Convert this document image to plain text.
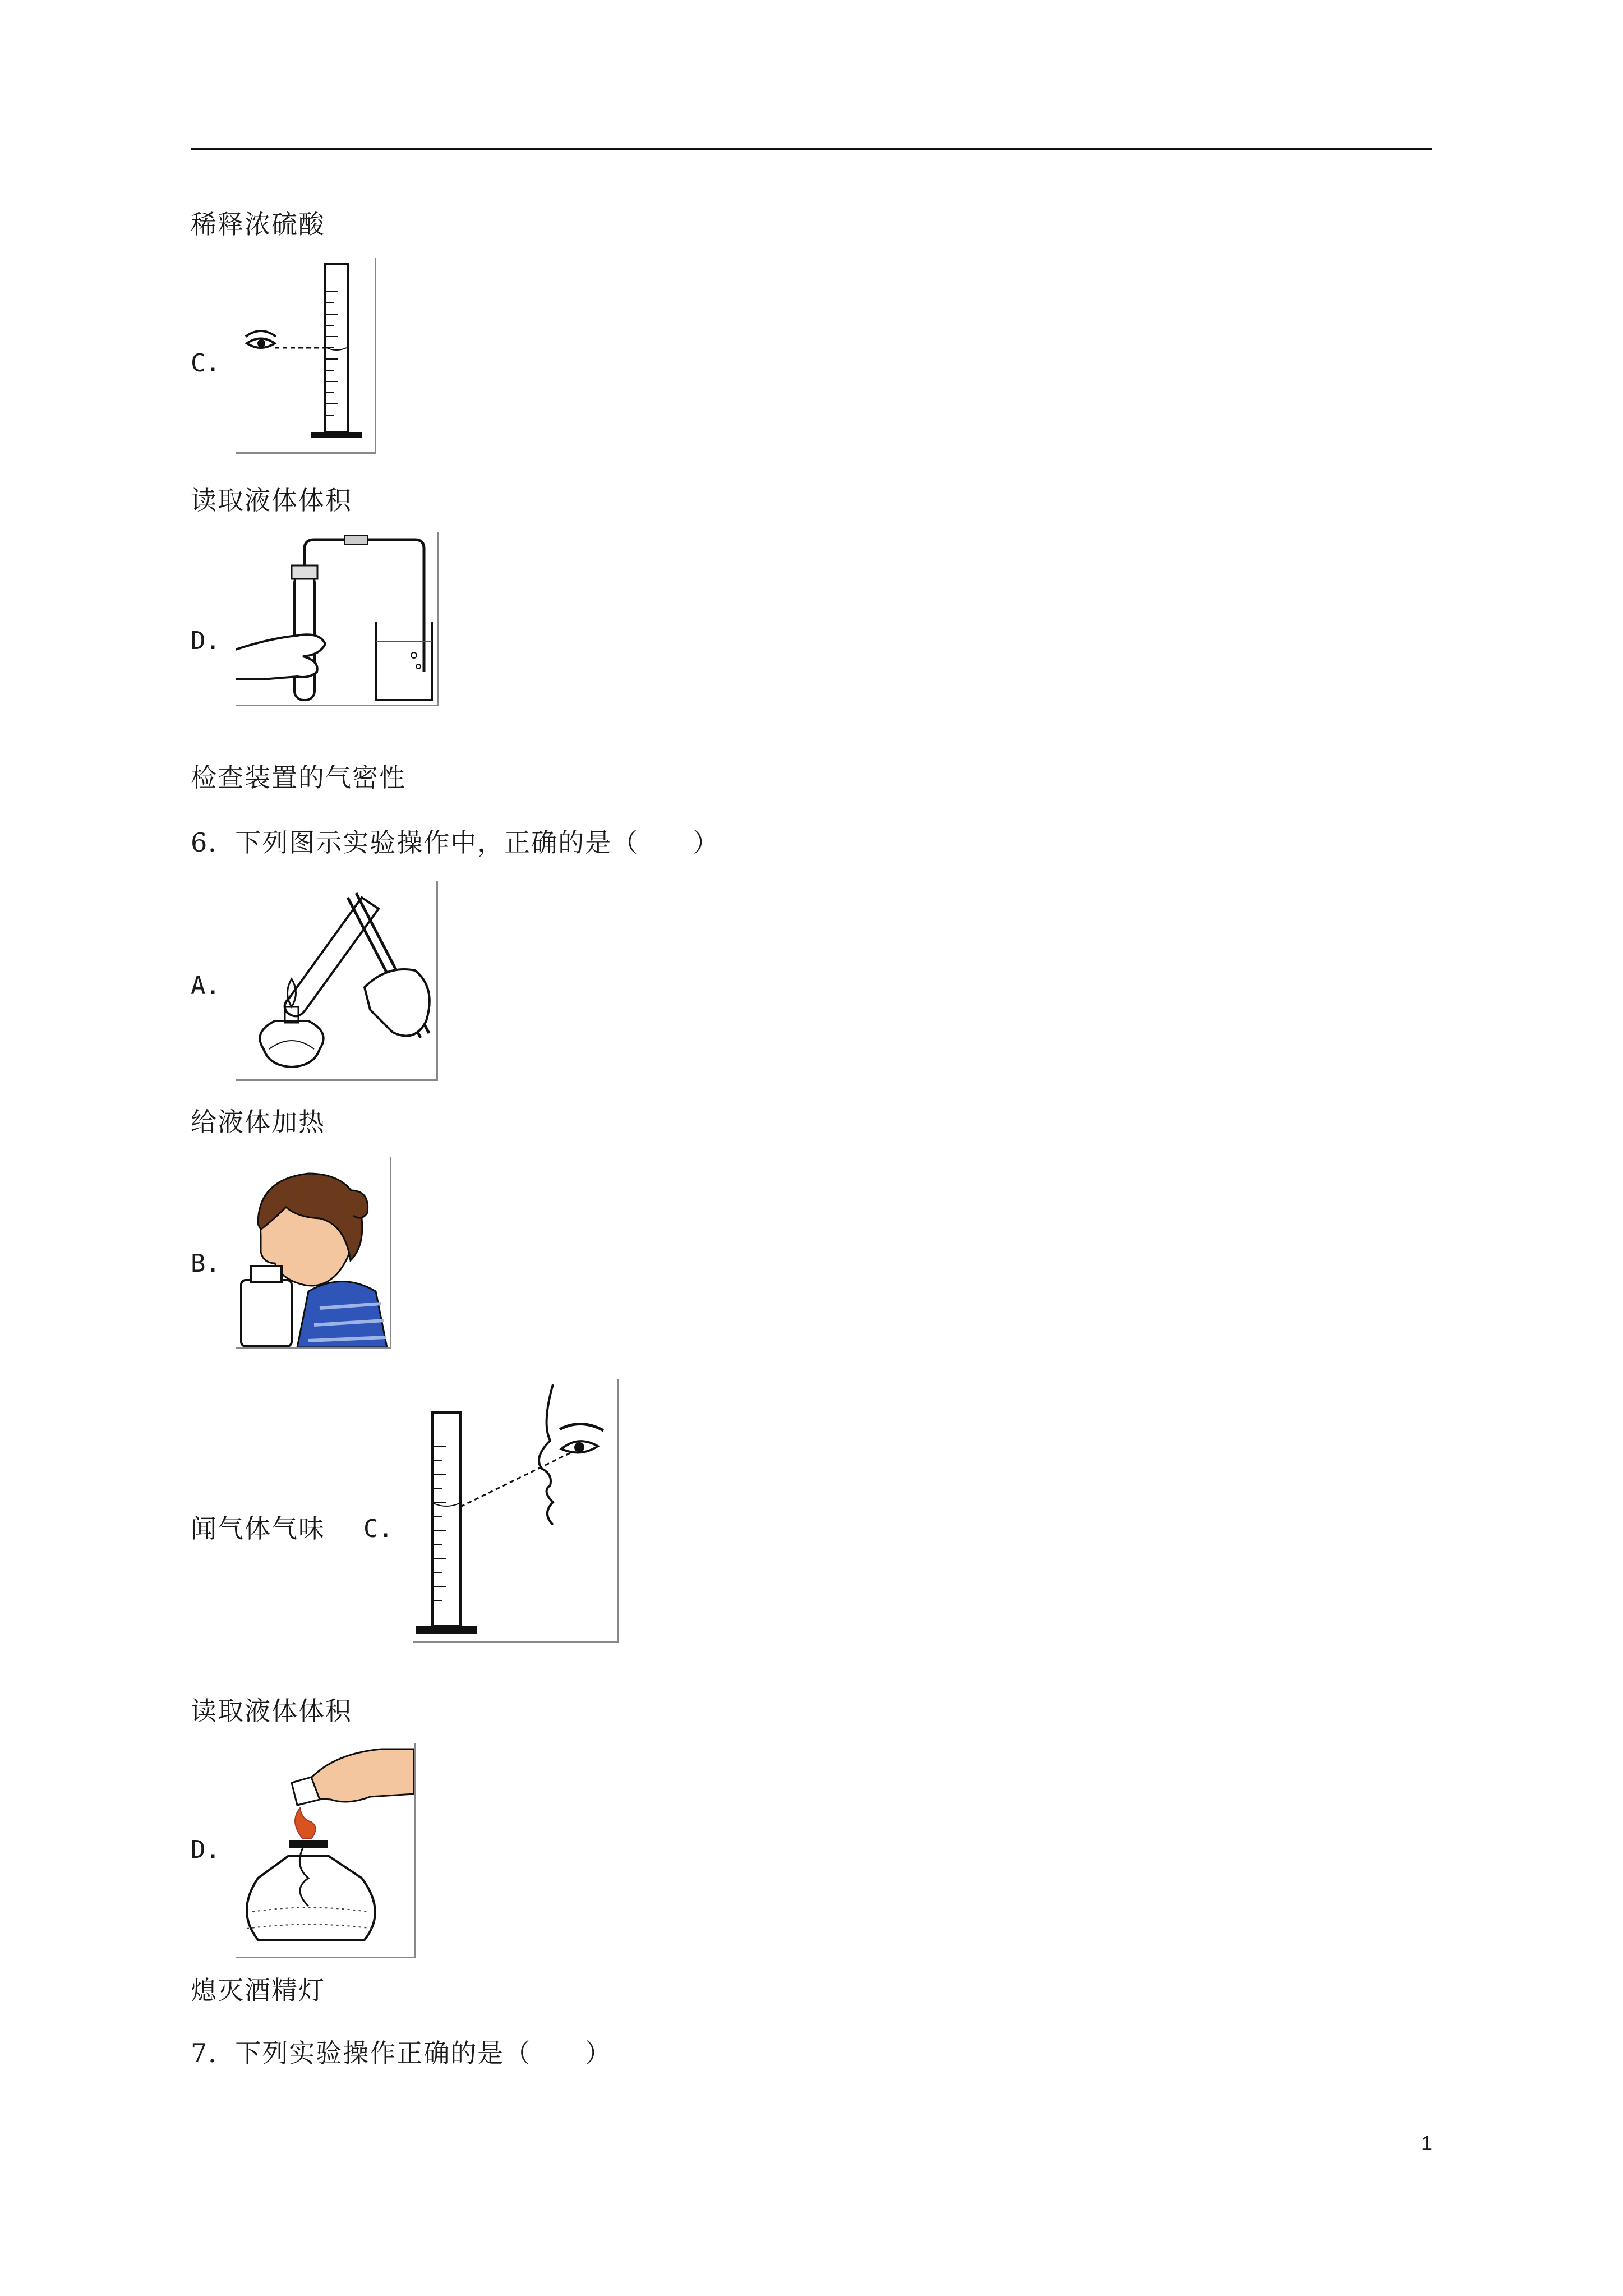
稀释浓硫酸
C.
读取液体体积
D.
检查装置的气密性
6．下列图示实验操作中，正确的是（　　）
A.
给液体加热
B.
闻气体气味 C.
读取液体体积
D.
熄灭酒精灯
7．下列实验操作正确的是（　　）
1
